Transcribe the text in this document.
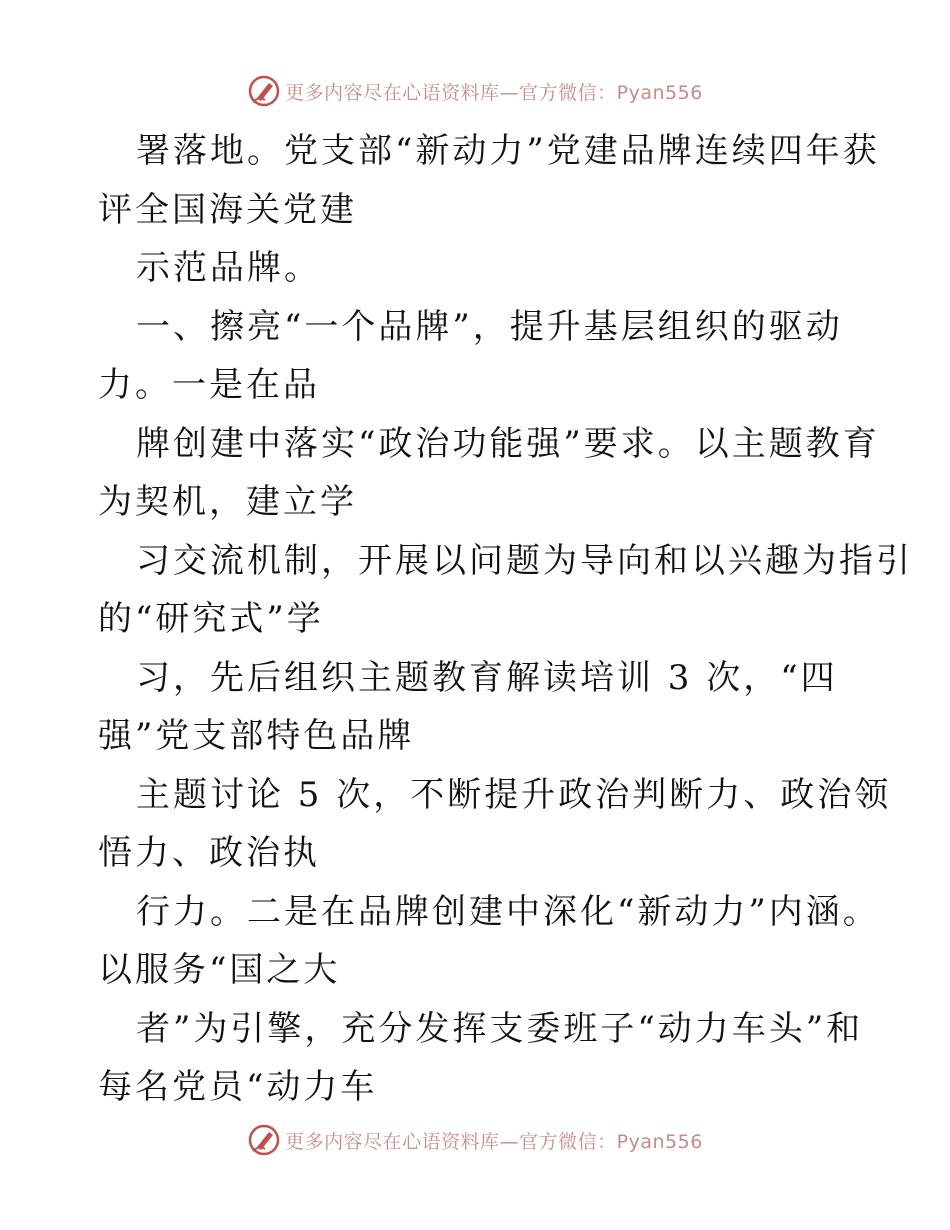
更多内容尽在心语资料库—官方微信：Pyan556
署落地。党支部“新动力”党建品牌连续四年获
评全国海关党建
示范品牌。
一、擦亮“一个品牌”，提升基层组织的驱动
力。一是在品
牌创建中落实“政治功能强”要求。以主题教育
为契机，建立学
习交流机制，开展以问题为导向和以兴趣为指引
的“研究式”学
习，先后组织主题教育解读培训 3 次，“四
强”党支部特色品牌
主题讨论 5 次，不断提升政治判断力、政治领
悟力、政治执
行力。二是在品牌创建中深化“新动力”内涵。
以服务“国之大
者”为引擎，充分发挥支委班子“动力车头”和
每名党员“动力车
更多内容尽在心语资料库—官方微信：Pyan556
